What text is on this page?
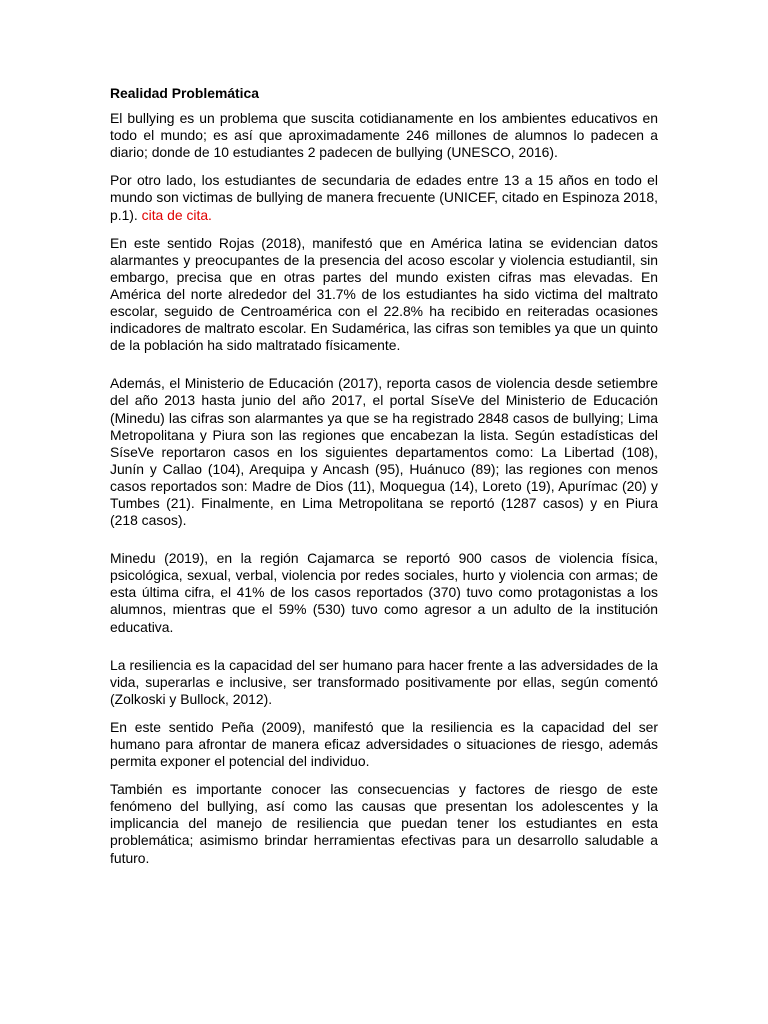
Realidad Problemática

El bullying es un problema que suscita cotidianamente en los ambientes educativos en todo el mundo; es así que aproximadamente 246 millones de alumnos lo padecen a diario; donde de 10 estudiantes 2 padecen de bullying (UNESCO, 2016).

Por otro lado, los estudiantes de secundaria de edades entre 13 a 15 años en todo el mundo son victimas de bullying de manera frecuente (UNICEF, citado en Espinoza 2018, p.1). cita de cita.

En este sentido Rojas (2018), manifestó que en América latina se evidencian datos alarmantes y preocupantes de la presencia del acoso escolar y violencia estudiantil, sin embargo, precisa que en otras partes del mundo existen cifras mas elevadas. En América del norte alrededor del 31.7% de los estudiantes ha sido victima del maltrato escolar, seguido de Centroamérica con el 22.8% ha recibido en reiteradas ocasiones indicadores de maltrato escolar. En Sudamérica, las cifras son temibles ya que un quinto de la población ha sido maltratado físicamente.

Además, el Ministerio de Educación (2017), reporta casos de violencia desde setiembre del año 2013 hasta junio del año 2017, el portal SíseVe del Ministerio de Educación (Minedu) las cifras son alarmantes ya que se ha registrado 2848 casos de bullying; Lima Metropolitana y Piura son las regiones que encabezan la lista. Según estadísticas del SíseVe reportaron casos en los siguientes departamentos como: La Libertad (108), Junín y Callao (104), Arequipa y Ancash (95), Huánuco (89); las regiones con menos casos reportados son: Madre de Dios (11), Moquegua (14), Loreto (19), Apurímac (20) y Tumbes (21). Finalmente, en Lima Metropolitana se reportó (1287 casos) y en Piura (218 casos).

Minedu (2019), en la región Cajamarca se reportó 900 casos de violencia física, psicológica, sexual, verbal, violencia por redes sociales, hurto y violencia con armas; de esta última cifra, el 41% de los casos reportados (370) tuvo como protagonistas a los alumnos, mientras que el 59% (530) tuvo como agresor a un adulto de la institución educativa.

La resiliencia es la capacidad del ser humano para hacer frente a las adversidades de la vida, superarlas e inclusive, ser transformado positivamente por ellas, según comentó (Zolkoski y Bullock, 2012).

En este sentido Peña (2009), manifestó que la resiliencia es la capacidad del ser humano para afrontar de manera eficaz adversidades o situaciones de riesgo, además permita exponer el potencial del individuo.

También es importante conocer las consecuencias y factores de riesgo de este fenómeno del bullying, así como las causas que presentan los adolescentes y la implicancia del manejo de resiliencia que puedan tener los estudiantes en esta problemática; asimismo brindar herramientas efectivas para un desarrollo saludable a futuro.
